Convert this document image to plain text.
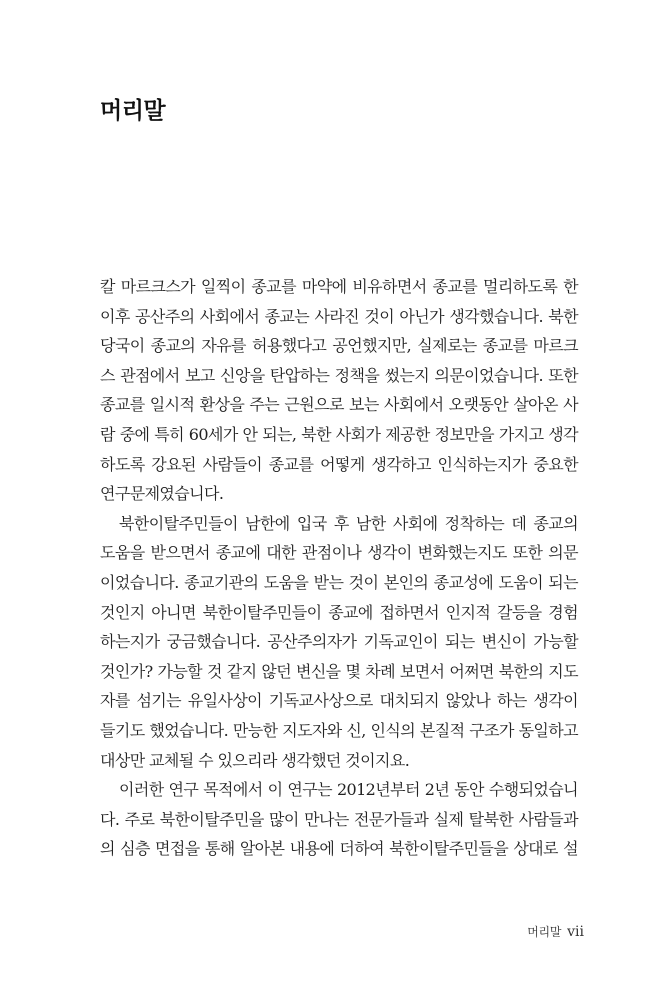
머리말
칼 마르크스가 일찍이 종교를 마약에 비유하면서 종교를 멀리하도록 한
이후 공산주의 사회에서 종교는 사라진 것이 아닌가 생각했습니다. 북한
당국이 종교의 자유를 허용했다고 공언했지만, 실제로는 종교를 마르크
스 관점에서 보고 신앙을 탄압하는 정책을 썼는지 의문이었습니다. 또한
종교를 일시적 환상을 주는 근원으로 보는 사회에서 오랫동안 살아온 사
람 중에 특히 60세가 안 되는, 북한 사회가 제공한 정보만을 가지고 생각
하도록 강요된 사람들이 종교를 어떻게 생각하고 인식하는지가 중요한
연구문제였습니다.
북한이탈주민들이 남한에 입국 후 남한 사회에 정착하는 데 종교의
도움을 받으면서 종교에 대한 관점이나 생각이 변화했는지도 또한 의문
이었습니다. 종교기관의 도움을 받는 것이 본인의 종교성에 도움이 되는
것인지 아니면 북한이탈주민들이 종교에 접하면서 인지적 갈등을 경험
하는지가 궁금했습니다. 공산주의자가 기독교인이 되는 변신이 가능할
것인가? 가능할 것 같지 않던 변신을 몇 차례 보면서 어쩌면 북한의 지도
자를 섬기는 유일사상이 기독교사상으로 대치되지 않았나 하는 생각이
들기도 했었습니다. 만능한 지도자와 신, 인식의 본질적 구조가 동일하고
대상만 교체될 수 있으리라 생각했던 것이지요.
이러한 연구 목적에서 이 연구는 2012년부터 2년 동안 수행되었습니
다. 주로 북한이탈주민을 많이 만나는 전문가들과 실제 탈북한 사람들과
의 심층 면접을 통해 알아본 내용에 더하여 북한이탈주민들을 상대로 설
머리말 vii
